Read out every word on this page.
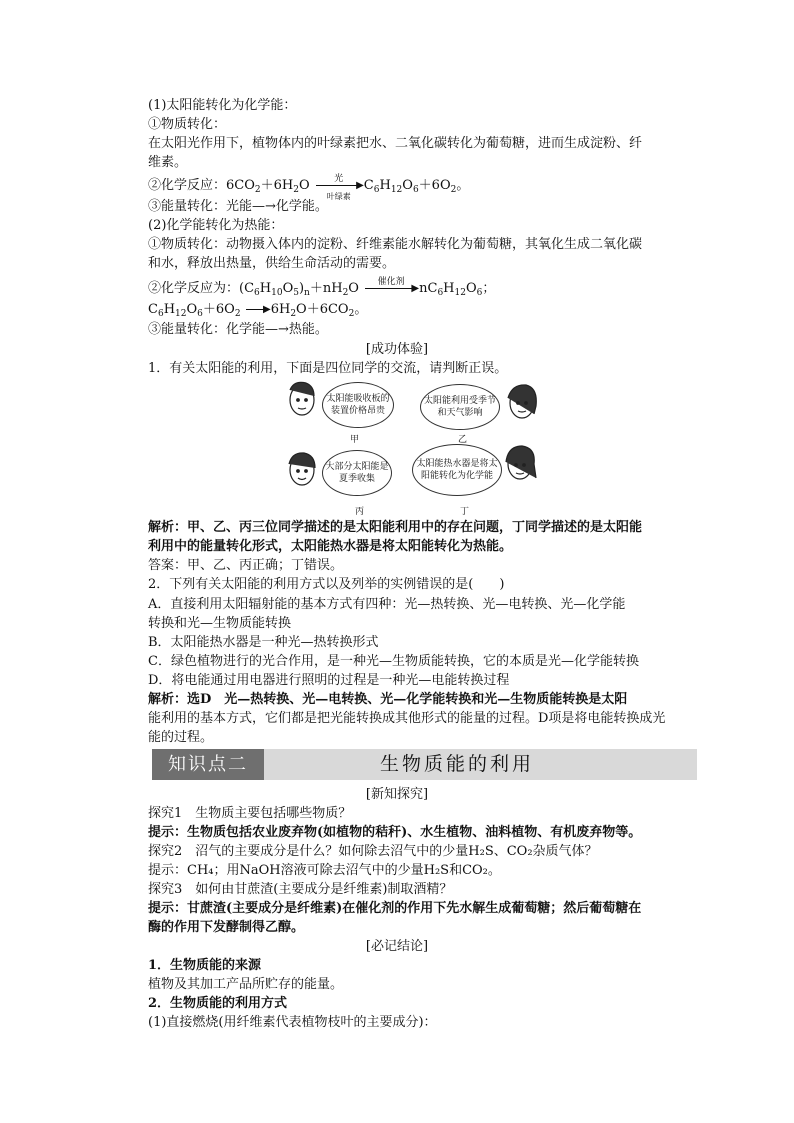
(1)太阳能转化为化学能：
①物质转化：
在太阳光作用下，植物体内的叶绿素把水、二氧化碳转化为葡萄糖，进而生成淀粉、纤
维素。
②化学反应：$6CO_2+6H_2O$	光
▶
叶绿素
$C_6H_{12}O_6+6O_2$。
③能量转化：光能—→化学能。
(2)化学能转化为热能：
①物质转化：动物摄入体内的淀粉、纤维素能水解转化为葡萄糖，其氧化生成二氧化碳
和水，释放出热量，供给生命活动的需要。
②化学反应为：$(C_6H_{10}O_5)_n+nH_2O$	催化剂
▶ $nC_6H_{12}O_6$；
$C_6H_{12}O_6+6O_2$ ▶ $6H_2O+6CO_2$。
③能量转化：化学能—→热能。
[成功体验]
1．有关太阳能的利用，下面是四位同学的交流，请判断正误。
太阳能吸收板的装置价格昂贵
太阳能利用受季节和天气影响
大部分太阳能是夏季收集
太阳能热水器是将太阳能转化为化学能
甲	乙
丙	丁
解析：甲、乙、丙三位同学描述的是太阳能利用中的存在问题，丁同学描述的是太阳能
利用中的能量转化形式，太阳能热水器是将太阳能转化为热能。
答案：甲、乙、丙正确；丁错误。
2．下列有关太阳能的利用方式以及列举的实例错误的是(　　)
A．直接利用太阳辐射能的基本方式有四种：光—热转换、光—电转换、光—化学能
转换和光—生物质能转换
B．太阳能热水器是一种光—热转换形式
C．绿色植物进行的光合作用，是一种光—生物质能转换，它的本质是光—化学能转换
D．将电能通过用电器进行照明的过程是一种光—电能转换过程
解析：选D　光—热转换、光—电转换、光—化学能转换和光—生物质能转换是太阳
能利用的基本方式，它们都是把光能转换成其他形式的能量的过程。D项是将电能转换成光
能的过程。
知识点二	生物质能的利用
[新知探究]
探究1　生物质主要包括哪些物质？
提示：生物质包括农业废弃物(如植物的秸秆)、水生植物、油料植物、有机废弃物等。
探究2　沼气的主要成分是什么？如何除去沼气中的少量H₂S、CO₂杂质气体？
提示：CH₄；用NaOH溶液可除去沼气中的少量H₂S和CO₂。
探究3　如何由甘蔗渣(主要成分是纤维素)制取酒精？
提示：甘蔗渣(主要成分是纤维素)在催化剂的作用下先水解生成葡萄糖；然后葡萄糖在
酶的作用下发酵制得乙醇。
[必记结论]
1．生物质能的来源
植物及其加工产品所贮存的能量。
2．生物质能的利用方式
(1)直接燃烧(用纤维素代表植物枝叶的主要成分)：
